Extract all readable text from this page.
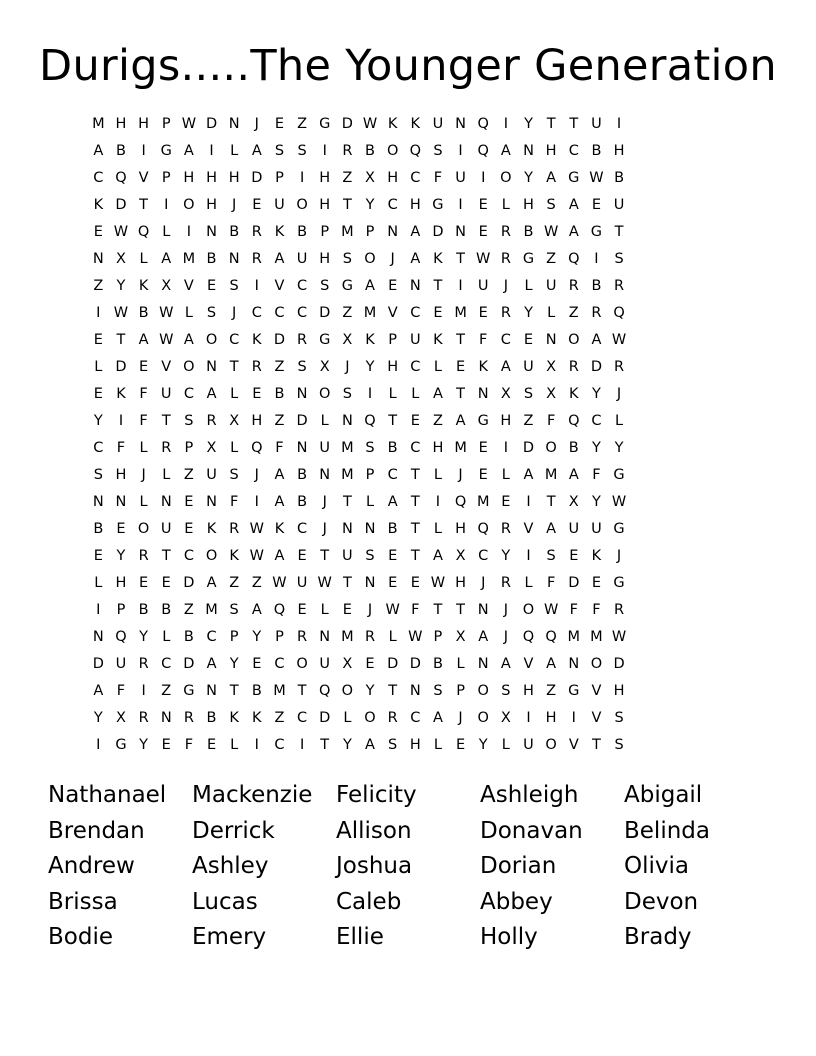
Durigs.....The Younger Generation
M H H P W D N	J	E Z G D W K K U N Q	I	Y T T U	I
A B	I	G A	I	L A S S	I	R B O Q S	I	Q A N H C B H
C Q V P H H H D P	I	H Z X H C F U	I	O Y A G W B
K D T	I	O H	J	E U O H T Y C H G	I	E L H S A E U
E W Q L	I	N B R K B P M P N A D N E R B W A G T
N X L A M B N R A U H S O	J	A K T W R G Z Q	I	S
Z Y K X V E S	I	V C S G A E N T	I	U	J	L U R B R
I W B W L S	J	C C C D Z M V C E M E R Y L Z R Q
E T A W A O C K D R G X K P U K T F C E N O A W
L D E V O N T R Z S X	J	Y H C L E K A U X R D R
E K F U C A L E B N O S	I	L	L A T N X S X K Y	J
Y	I	F T S R X H Z D L N Q T E Z A G H Z F Q C L
C F L R P X L Q F N U M S B C H M E	I	D O B Y Y
S H	J	L Z U S	J	A B N M P C T L	J	E L A M A F G
N N L N E N F	I	A B	J	T L A T	I	Q M E	I	T X Y W
B E O U E K R W K C	J	N N B T L H Q R V A U U G
E Y R T C O K W A E T U S E T A X C Y	I	S E K	J
L H E E D A Z Z W U W T N E E W H	J	R L F D E G
I	P B B Z M S A Q E L E	J W F T T N	J	O W F F R
N Q Y L B C P Y P R N M R L W P X A	J	Q Q M M W
D U R C D A Y E C O U X E D D B L N A V A N O D
A F	I	Z G N T B M T Q O Y T N S P O S H Z G V H
Y X R N R B K K Z C D L O R C A	J	O X	I	H	I	V S
I	G Y E F E L	I	C	I	T Y A S H L E Y L U O V T S
Nathanael	Mackenzie	Felicity	Ashleigh	Abigail
Brendan	Derrick	Allison	Donavan	Belinda
Andrew	Ashley	Joshua	Dorian	Olivia
Brissa	Lucas	Caleb	Abbey	Devon
Bodie	Emery	Ellie	Holly	Brady
